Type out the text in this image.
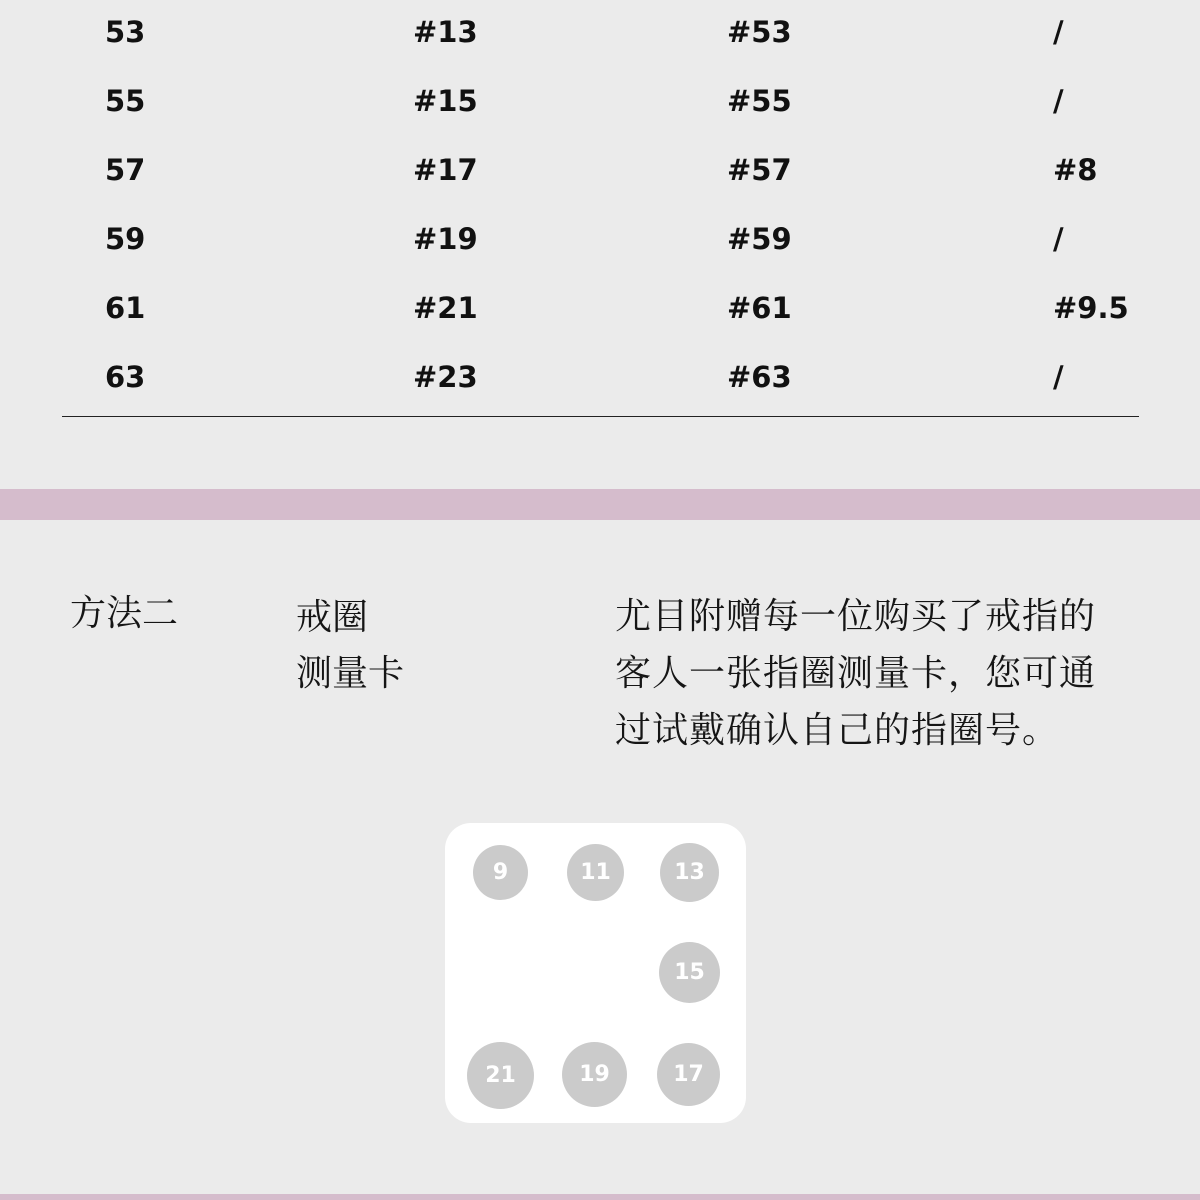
53	#13	#53	/
55	#15	#55	/
57	#17	#57	#8
59	#19	#59	/
61	#21	#61	#9.5
63	#23	#63	/
方法二	戒圈
测量卡
尤目附赠每一位购买了戒指的
客人一张指圈测量卡，您可通
过试戴确认自己的指圈号。
9	11	13
15
17
19
21
